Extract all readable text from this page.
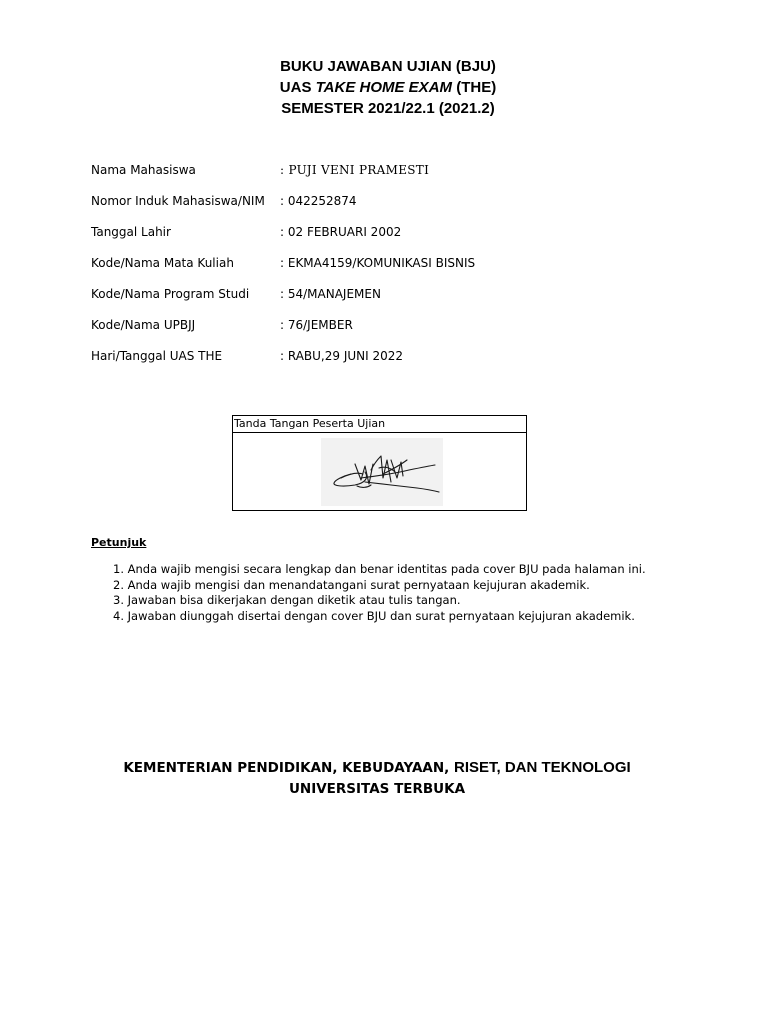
BUKU JAWABAN UJIAN (BJU)
UAS TAKE HOME EXAM (THE)
SEMESTER 2021/22.1 (2021.2)
Nama Mahasiswa	: PUJI VENI PRAMESTI
Nomor Induk Mahasiswa/NIM	: 042252874
Tanggal Lahir	: 02 FEBRUARI 2002
Kode/Nama Mata Kuliah	: EKMA4159/KOMUNIKASI BISNIS
Kode/Nama Program Studi	: 54/MANAJEMEN
Kode/Nama UPBJJ	: 76/JEMBER
Hari/Tanggal UAS THE	: RABU,29 JUNI 2022
Tanda Tangan Peserta Ujian
Petunjuk
1. Anda wajib mengisi secara lengkap dan benar identitas pada cover BJU pada halaman ini.
2. Anda wajib mengisi dan menandatangani surat pernyataan kejujuran akademik.
3. Jawaban bisa dikerjakan dengan diketik atau tulis tangan.
4. Jawaban diunggah disertai dengan cover BJU dan surat pernyataan kejujuran akademik.
KEMENTERIAN PENDIDIKAN, KEBUDAYAAN, RISET, DAN TEKNOLOGI
UNIVERSITAS TERBUKA
